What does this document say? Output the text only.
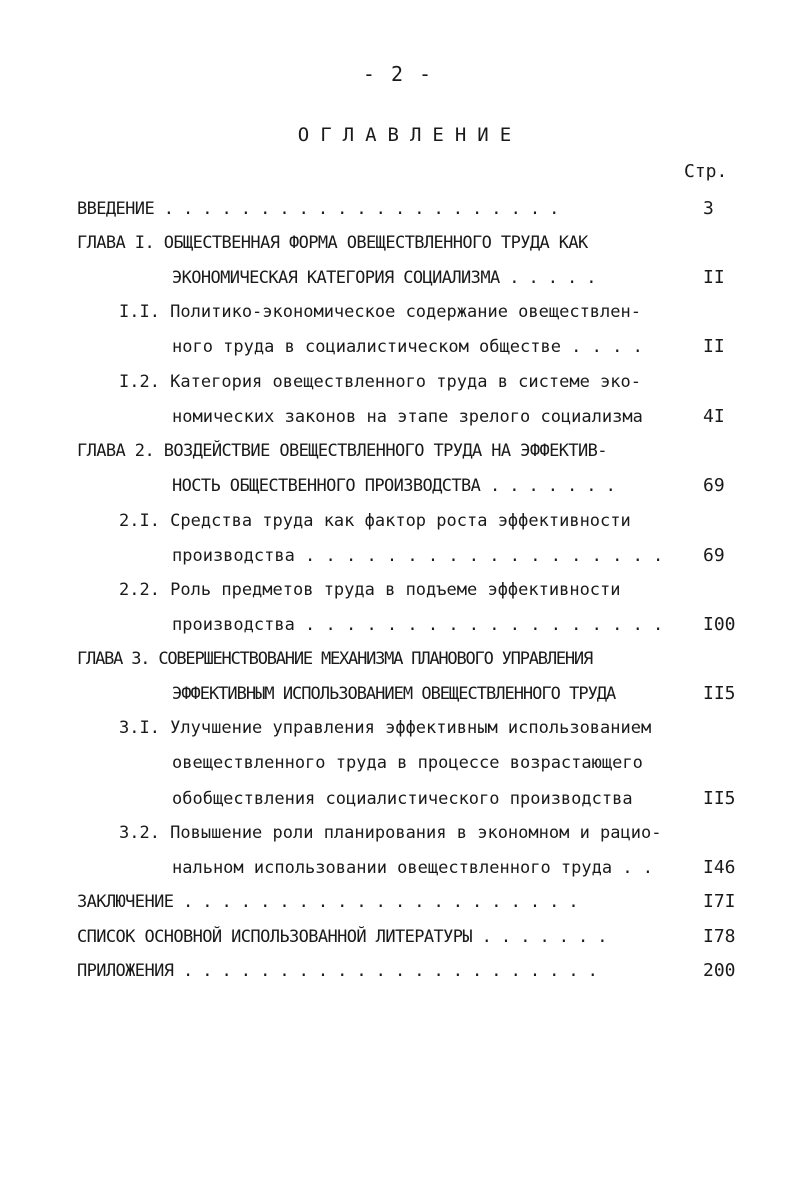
- 2 -
ОГЛАВЛЕНИЕ
Стр.
ВВЕДЕНИЕ . . . . . . . . . . . . . . . . . . . . .	3
ГЛАВА I. ОБЩЕСТВЕННАЯ ФОРМА ОВЕЩЕСТВЛЕННОГО ТРУДА КАК
ЭКОНОМИЧЕСКАЯ КАТЕГОРИЯ СОЦИАЛИЗМА . . . . .	II
I.I. Политико-экономическое содержание овеществлен-
ного труда в социалистическом обществе . . . .	II
I.2. Категория овеществленного труда в системе эко-
номических законов на этапе зрелого социализма	4I
ГЛАВА 2. ВОЗДЕЙСТВИЕ ОВЕЩЕСТВЛЕННОГО ТРУДА НА ЭФФЕКТИВ-
НОСТЬ ОБЩЕСТВЕННОГО ПРОИЗВОДСТВА . . . . . . .	69
2.I. Средства труда как фактор роста эффективности
производства . . . . . . . . . . . . . . . . . . 69
2.2. Роль предметов труда в подъеме эффективности
производства . . . . . . . . . . . . . . . . . . I00
ГЛАВА 3. СОВЕРШЕНСТВОВАНИЕ МЕХАНИЗМА ПЛАНОВОГО УПРАВЛЕНИЯ
ЭФФЕКТИВНЫМ ИСПОЛЬЗОВАНИЕМ ОВЕЩЕСТВЛЕННОГО ТРУДА	II5
3.I. Улучшение управления эффективным использованием
овеществленного труда в процессе возрастающего
обобществления социалистического производства	II5
3.2. Повышение роли планирования в экономном и рацио-
нальном использовании овеществленного труда . .	I46
ЗАКЛЮЧЕНИЕ . . . . . . . . . . . . . . . . . . . . .	I7I
СПИСОК ОСНОВНОЙ ИСПОЛЬЗОВАННОЙ ЛИТЕРАТУРЫ . . . . . . .	I78
ПРИЛОЖЕНИЯ . . . . . . . . . . . . . . . . . . . . . .	200
